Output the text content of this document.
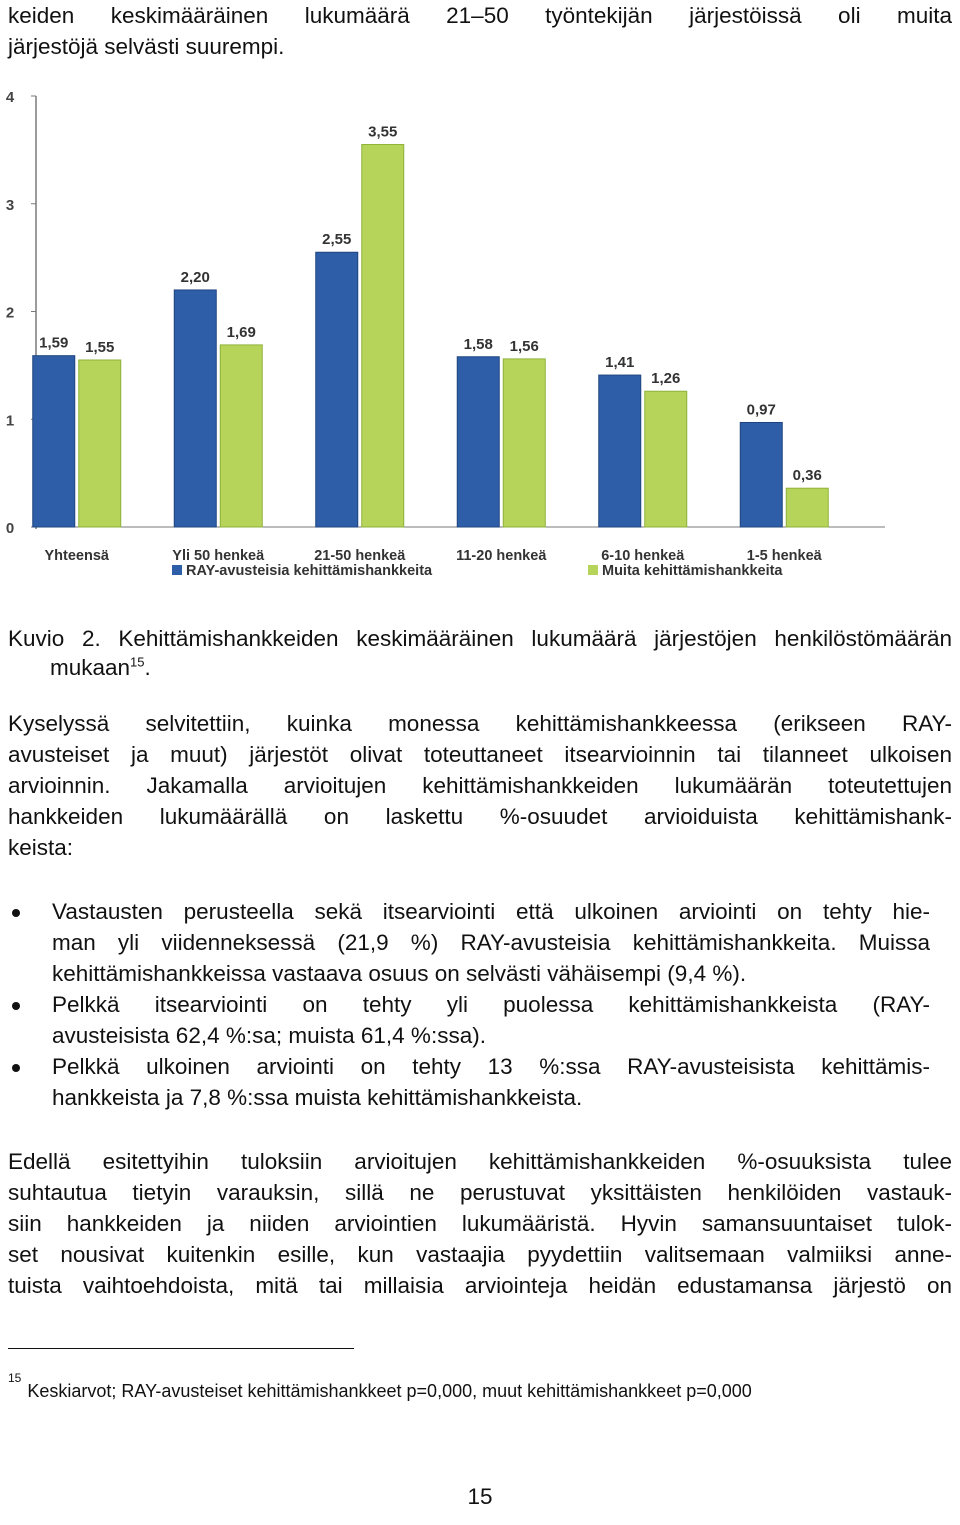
keiden keskimääräinen lukumäärä 21–50 työntekijän järjestöissä oli muita
järjestöjä selvästi suurempi.
0
1
2
3
4
1,59 1,55
Yhteensä
2,20
1,69
Yli 50 henkeä
2,55
3,55
21-50 henkeä
1,58 1,56
11-20 henkeä
1,41
1,26
6-10 henkeä
0,97
0,36
1-5 henkeä
RAY-avusteisia kehittämishankkeita	Muita kehittämishankkeita
Kuvio 2. Kehittämishankkeiden keskimääräinen lukumäärä järjestöjen henkilöstömäärän
mukaan$^{15}$.
Kyselyssä selvitettiin, kuinka monessa kehittämishankkeessa (erikseen RAY-
avusteiset ja muut) järjestöt olivat toteuttaneet itsearvioinnin tai tilanneet ulkoisen
arvioinnin. Jakamalla arvioitujen kehittämishankkeiden lukumäärän toteutettujen
hankkeiden lukumäärällä on laskettu %-osuudet arvioiduista kehittämishank-
keista:
Vastausten perusteella sekä itsearviointi että ulkoinen arviointi on tehty hie-
man yli viidenneksessä (21,9 %) RAY-avusteisia kehittämishankkeita. Muissa
kehittämishankkeissa vastaava osuus on selvästi vähäisempi (9,4 %).
Pelkkä itsearviointi on tehty yli puolessa kehittämishankkeista (RAY-
avusteisista 62,4 %:sa; muista 61,4 %:ssa).
Pelkkä ulkoinen arviointi on tehty 13 %:ssa RAY-avusteisista kehittämis-
hankkeista ja 7,8 %:ssa muista kehittämishankkeista.
Edellä esitettyihin tuloksiin arvioitujen kehittämishankkeiden %-osuuksista tulee
suhtautua tietyin varauksin, sillä ne perustuvat yksittäisten henkilöiden vastauk-
siin hankkeiden ja niiden arviointien lukumääristä. Hyvin samansuuntaiset tulok-
set nousivat kuitenkin esille, kun vastaajia pyydettiin valitsemaan valmiiksi anne-
tuista vaihtoehdoista, mitä tai millaisia arviointeja heidän edustamansa järjestö on
$^{15}$Keskiarvot; RAY-avusteiset kehittämishankkeet p=0,000, muut kehittämishankkeet p=0,000
15
